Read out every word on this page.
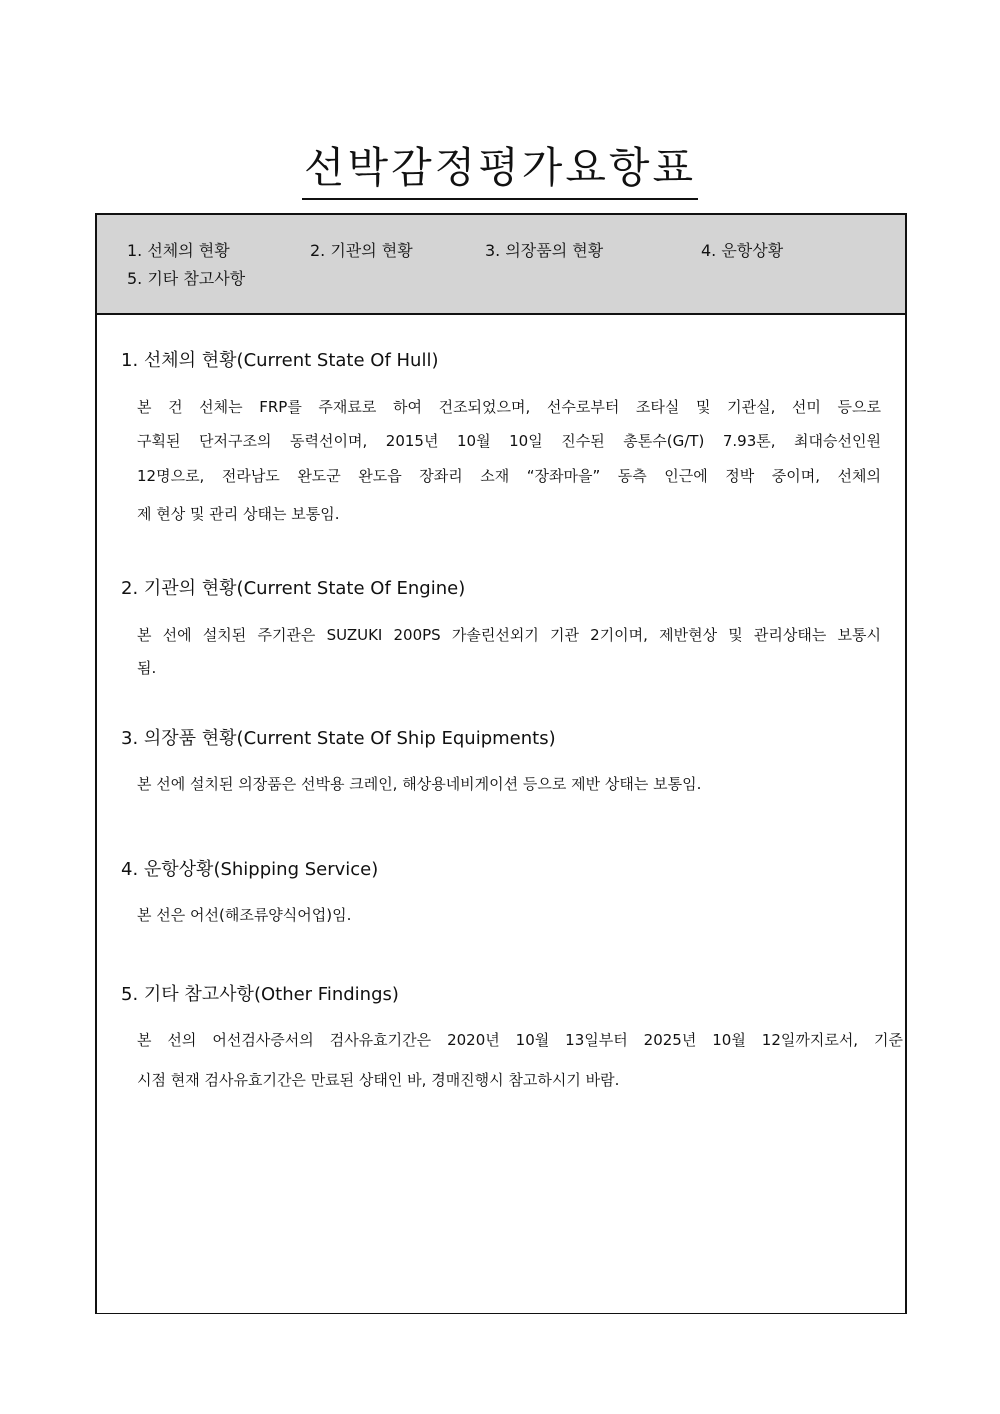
선박감정평가요항표
1. 선체의 현황	2. 기관의 현황	3. 의장품의 현황	4. 운항상황
5. 기타 참고사항
1. 선체의 현황(Current State Of Hull)
본 건 선체는 FRP를 주재료로 하여 건조되었으며, 선수로부터 조타실 및 기관실, 선미 등으로
구획된 단저구조의 동력선이며, 2015년 10월 10일 진수된 총톤수(G/T) 7.93톤, 최대승선인원
12명으로, 전라남도 완도군 완도읍 장좌리 소재 “장좌마을” 동측 인근에 정박 중이며, 선체의
제 현상 및 관리 상태는 보통임.
2. 기관의 현황(Current State Of Engine)
본 선에 설치된 주기관은 SUZUKI 200PS 가솔린선외기 기관 2기이며, 제반현상 및 관리상태는 보통시
됨.
3. 의장품 현황(Current State Of Ship Equipments)
본 선에 설치된 의장품은 선박용 크레인, 해상용네비게이션 등으로 제반 상태는 보통임.
4. 운항상황(Shipping Service)
본 선은 어선(해조류양식어업)임.
5. 기타 참고사항(Other Findings)
본 선의 어선검사증서의 검사유효기간은 2020년 10월 13일부터 2025년 10월 12일까지로서, 기준
시점 현재 검사유효기간은 만료된 상태인 바, 경매진행시 참고하시기 바람.
